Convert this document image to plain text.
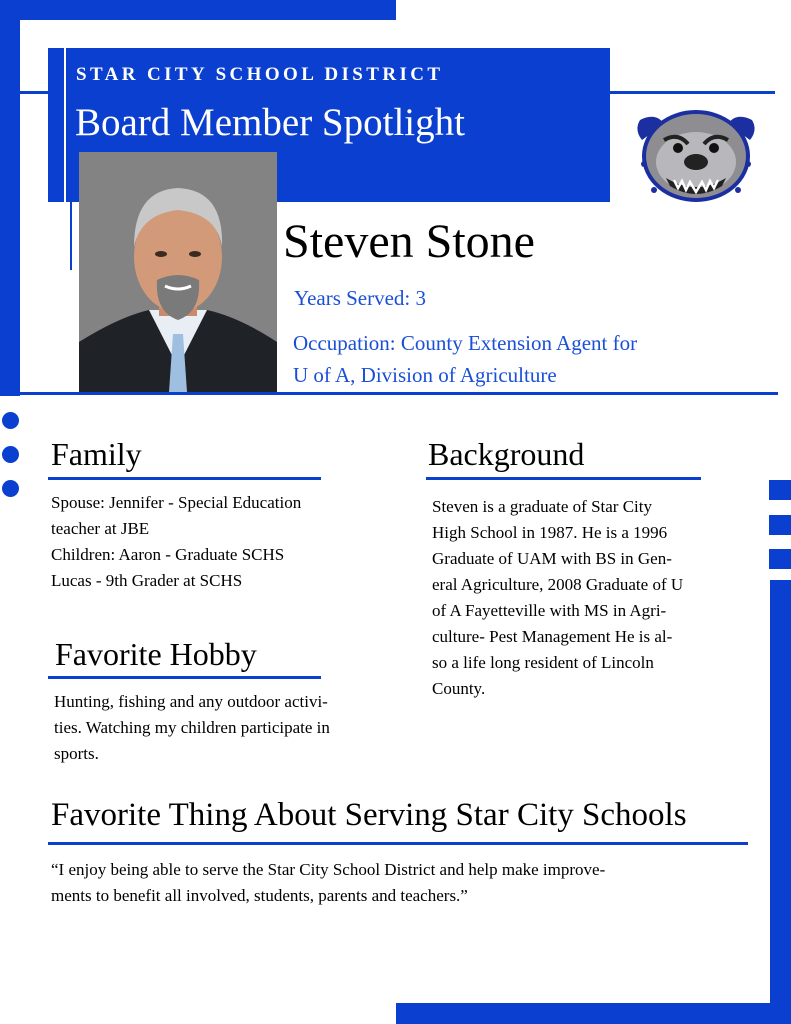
STAR CITY SCHOOL DISTRICT
Board Member Spotlight
Steven Stone
Years Served: 3
Occupation: County Extension Agent for
U of A, Division of Agriculture
Family
Spouse: Jennifer - Special Education
teacher at JBE
Children: Aaron - Graduate SCHS
Lucas - 9th Grader at SCHS
Favorite Hobby
Hunting, fishing and any outdoor activi-
ties. Watching my children participate in
sports.
Background
Steven is a graduate of Star City
High School in 1987. He is a 1996
Graduate of UAM with BS in Gen-
eral Agriculture, 2008 Graduate of U
of A Fayetteville with MS in Agri-
culture- Pest Management He is al-
so a life long resident of Lincoln
County.
Favorite Thing About Serving Star City Schools
“I enjoy being able to serve the Star City School District and help make improve-
ments to benefit all involved, students, parents and teachers.”
